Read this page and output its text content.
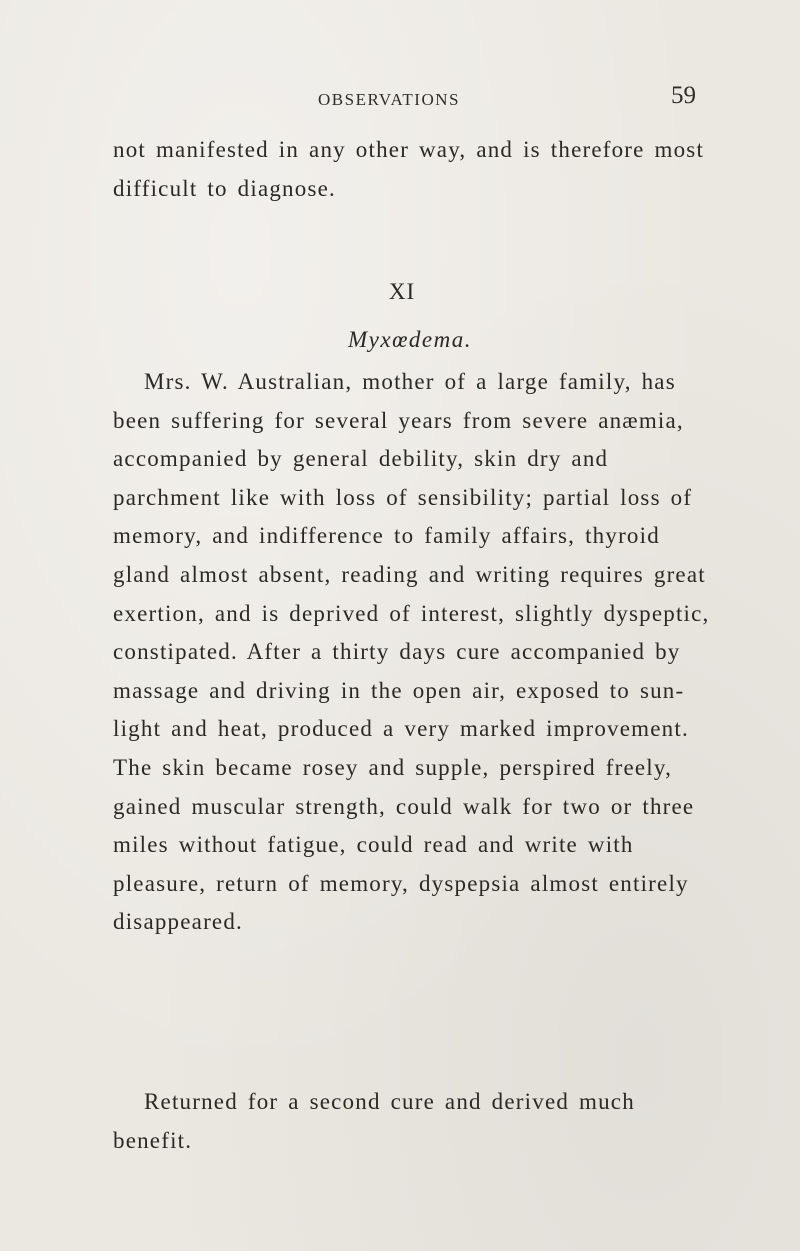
OBSERVATIONS	59

not manifested in any other way, and is therefore most difficult to diagnose.

XI
Myxœdema.

Mrs. W. Australian, mother of a large family, has been suffering for several years from severe anæmia, accompanied by general debility, skin dry and parchment like with loss of sensibility; partial loss of memory, and indifference to family affairs, thyroid gland almost absent, reading and writing requires great exertion, and is deprived of interest, slightly dyspeptic, constipated. After a thirty days cure accompanied by massage and driving in the open air, exposed to sun-light and heat, produced a very marked improvement. The skin became rosey and supple, perspired freely, gained muscular strength, could walk for two or three miles without fatigue, could read and write with pleasure, return of memory, dyspepsia almost entirely disappeared.

Returned for a second cure and derived much benefit.
